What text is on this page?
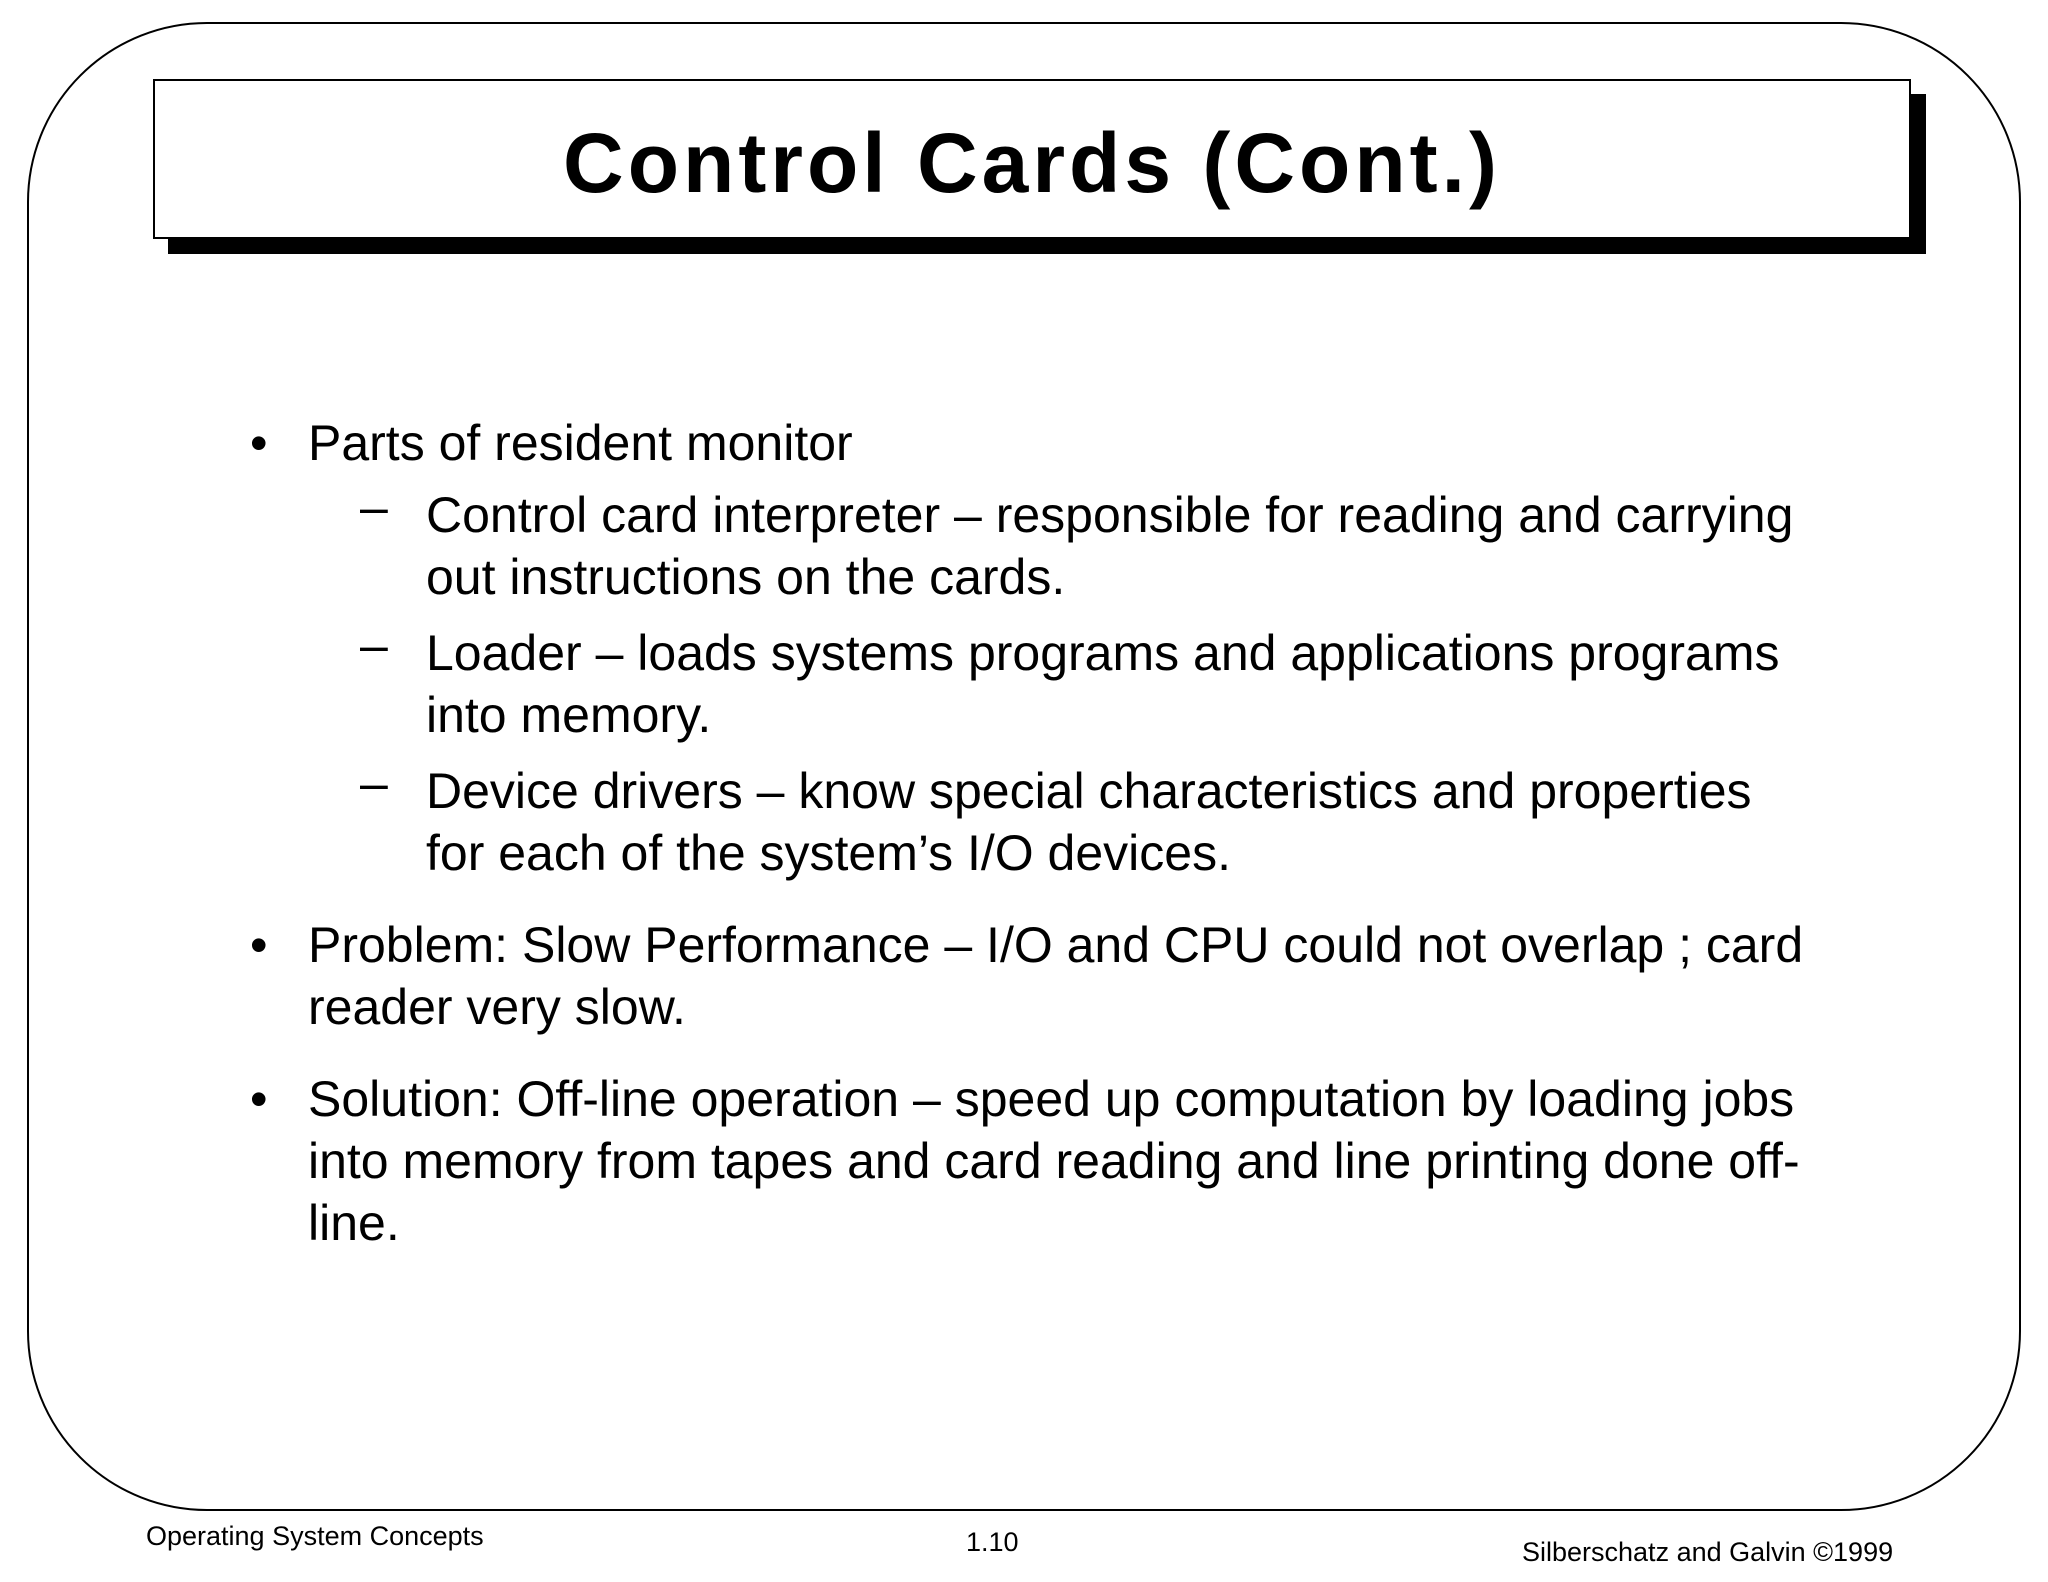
Control Cards (Cont.)
• Parts of resident monitor
– Control card interpreter – responsible for reading and carrying out instructions on the cards.
– Loader – loads systems programs and applications programs into memory.
– Device drivers – know special characteristics and properties for each of the system’s I/O devices.
• Problem: Slow Performance – I/O and CPU could not overlap ; card reader very slow.
• Solution: Off-line operation – speed up computation by loading jobs into memory from tapes and card reading and line printing done off-line.
Operating System Concepts	1.10	Silberschatz and Galvin ©1999
